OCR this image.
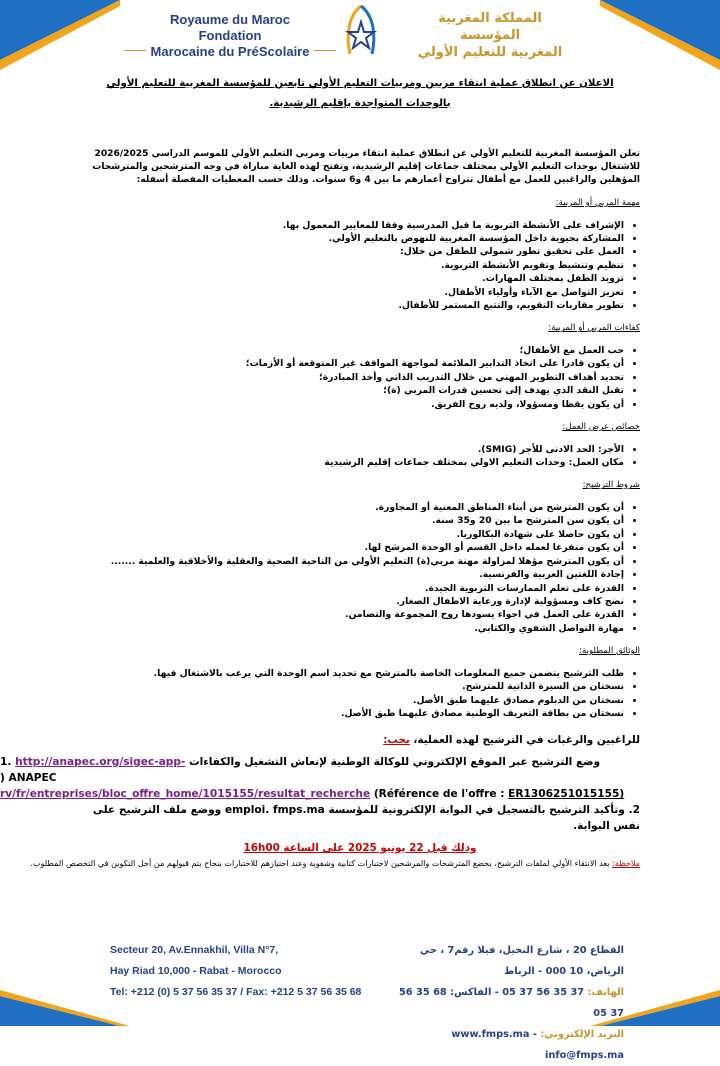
Royaume du Maroc
Fondation
Marocaine du PréScolaire
المملكة المغربية
المؤسسة
المغربية للتعليم الأولي

الاعلان عن انطلاق عملية انتقاء مربين ومربيات التعليم الأولي تابعين للمؤسسة المغربية للتعليم الأولي

بالوحدات المتواجدة بإقليم الرشيدية.

تعلن المؤسسة المغربية للتعليم الأولي عن انطلاق عملية انتقاء مربيات ومربي التعليم الأولي للموسم الدراسي 2026/2025 للاشتغال بوحدات التعليم الأولي بمختلف جماعات إقليم الرشيدية، وتفتح لهذه الغاية مباراة في وجه المترشحين والمترشحات المؤهلين والراغبين للعمل مع أطفال تتراوح أعمارهم ما بين 4 و6 سنوات. وذلك حسب المعطيات المفصلة أسفله:

مهمة المربي أو المربية:
• الإشراف على الأنشطة التربوية ما قبل المدرسية وفقا للمعايير المعمول بها.
• المشاركة بحيوية داخل المؤسسة المغربية للنهوض بالتعليم الأولي.
• العمل على تحقيق تطور شمولي للطفل من خلال:
• تنظيم وتنشيط وتقويم الأنشطة التربوية.
• تزويد الطفل بمختلف المهارات.
• تعزيز التواصل مع الآباء وأولياء الأطفال.
• تطوير مقاربات التقويم، والتتبع المستمر للأطفال.
كفاءات المربي أو المربية:
• حب العمل مع الأطفال؛
• أن يكون قادرا على اتخاذ التدابير الملائمة لمواجهة المواقف غير المتوقعة أو الأزمات؛
• تحديد أهداف التطوير المهني من خلال التدريب الذاتي وأخذ المبادرة؛
• تقبل النقد الذي يهدف إلى تحسين قدرات المربي (ة)؛
• أن يكون يقظا ومسؤولا، ولديه روح الفريق.
خصائص عرض العمل:
• الأجر: الحد الادنى للأجر (SMIG).
• مكان العمل: وحدات التعليم الاولي بمختلف جماعات إقليم الرشيدية
شروط الترشيح:
• أن يكون المترشح من أبناء المناطق المعنية أو المجاورة.
• أن يكون سن المترشح ما بين 20 و35 سنة.
• أن يكون حاصلا على شهادة البكالوريا.
• أن يكون متفرغا لعمله داخل القسم أو الوحدة المرشح لها.
• أن يكون المترشح مؤهلا لمزاولة مهنة مربي(ة) التعليم الأولي من الناحية الصحية والعقلية والأخلاقية والعلمية .......
• إجادة اللغتين العربية والفرنسية.
• القدرة على تعلم الممارسات التربوية الجيدة.
• نضج كاف ومسؤولية لإدارة ورعاية الاطفال الصغار.
• القدرة على العمل في اجواء يسودها روح المجموعة والتضامن.
• مهارة التواصل الشفوي والكتابي.
الوثائق المطلوبة:
• طلب الترشيح يتضمن جميع المعلومات الخاصة بالمترشح مع تحديد اسم الوحدة التي يرغب بالاشتغال فيها.
• نسختان من السيرة الذاتية للمترشح.
• نسختان من الدبلوم مصادق عليهما طبق الأصل.
• نسختان من بطاقة التعريف الوطنية مصادق عليهما طبق الأصل.
للراغبين والرغبات في الترشيح لهذه العملية، يجب:
1. http://anapec.org/sigec-app- وضع الترشيح عبر الموقع الإلكتروني للوكالة الوطنية لإنعاش التشغيل والكفاءات ANAPEC (
rv/fr/entreprises/bloc_offre_home/1015155/resultat_recherche (Référence de l'offre : ER1306251015155)
2. وتأكيد الترشيح بالتسجيل في البوابة الإلكترونية للمؤسسة emploi. fmps.ma ووضع ملف الترشيح على نفس البوابة.
وذلك قبل 22 يونيو 2025 على الساعة 16h00
ملاحظة: بعد الانتقاء الأولي لملفات الترشيح، يخضع المترشحات والمرشحين لاختبارات كتابية وشفوية وعند اجتيازهم للاختبارات بنجاح يتم قبولهم من أجل التكوين في التخصص المطلوب.
Secteur 20, Av.Ennakhil, Villa N°7,
Hay Riad 10,000 - Rabat - Morocco
Tel: +212 (0) 5 37 56 35 37 / Fax: +212 5 37 56 35 68
القطاع 20 ، شارع النخيل، فيلا رقم7 ، حي الرياض، 10 000 - الرباط
الهاتف: 37 35 56 37 05 - الفاكس: 68 35 56 37 05
البريد الإلكتروني: www.fmps.ma - info@fmps.ma
